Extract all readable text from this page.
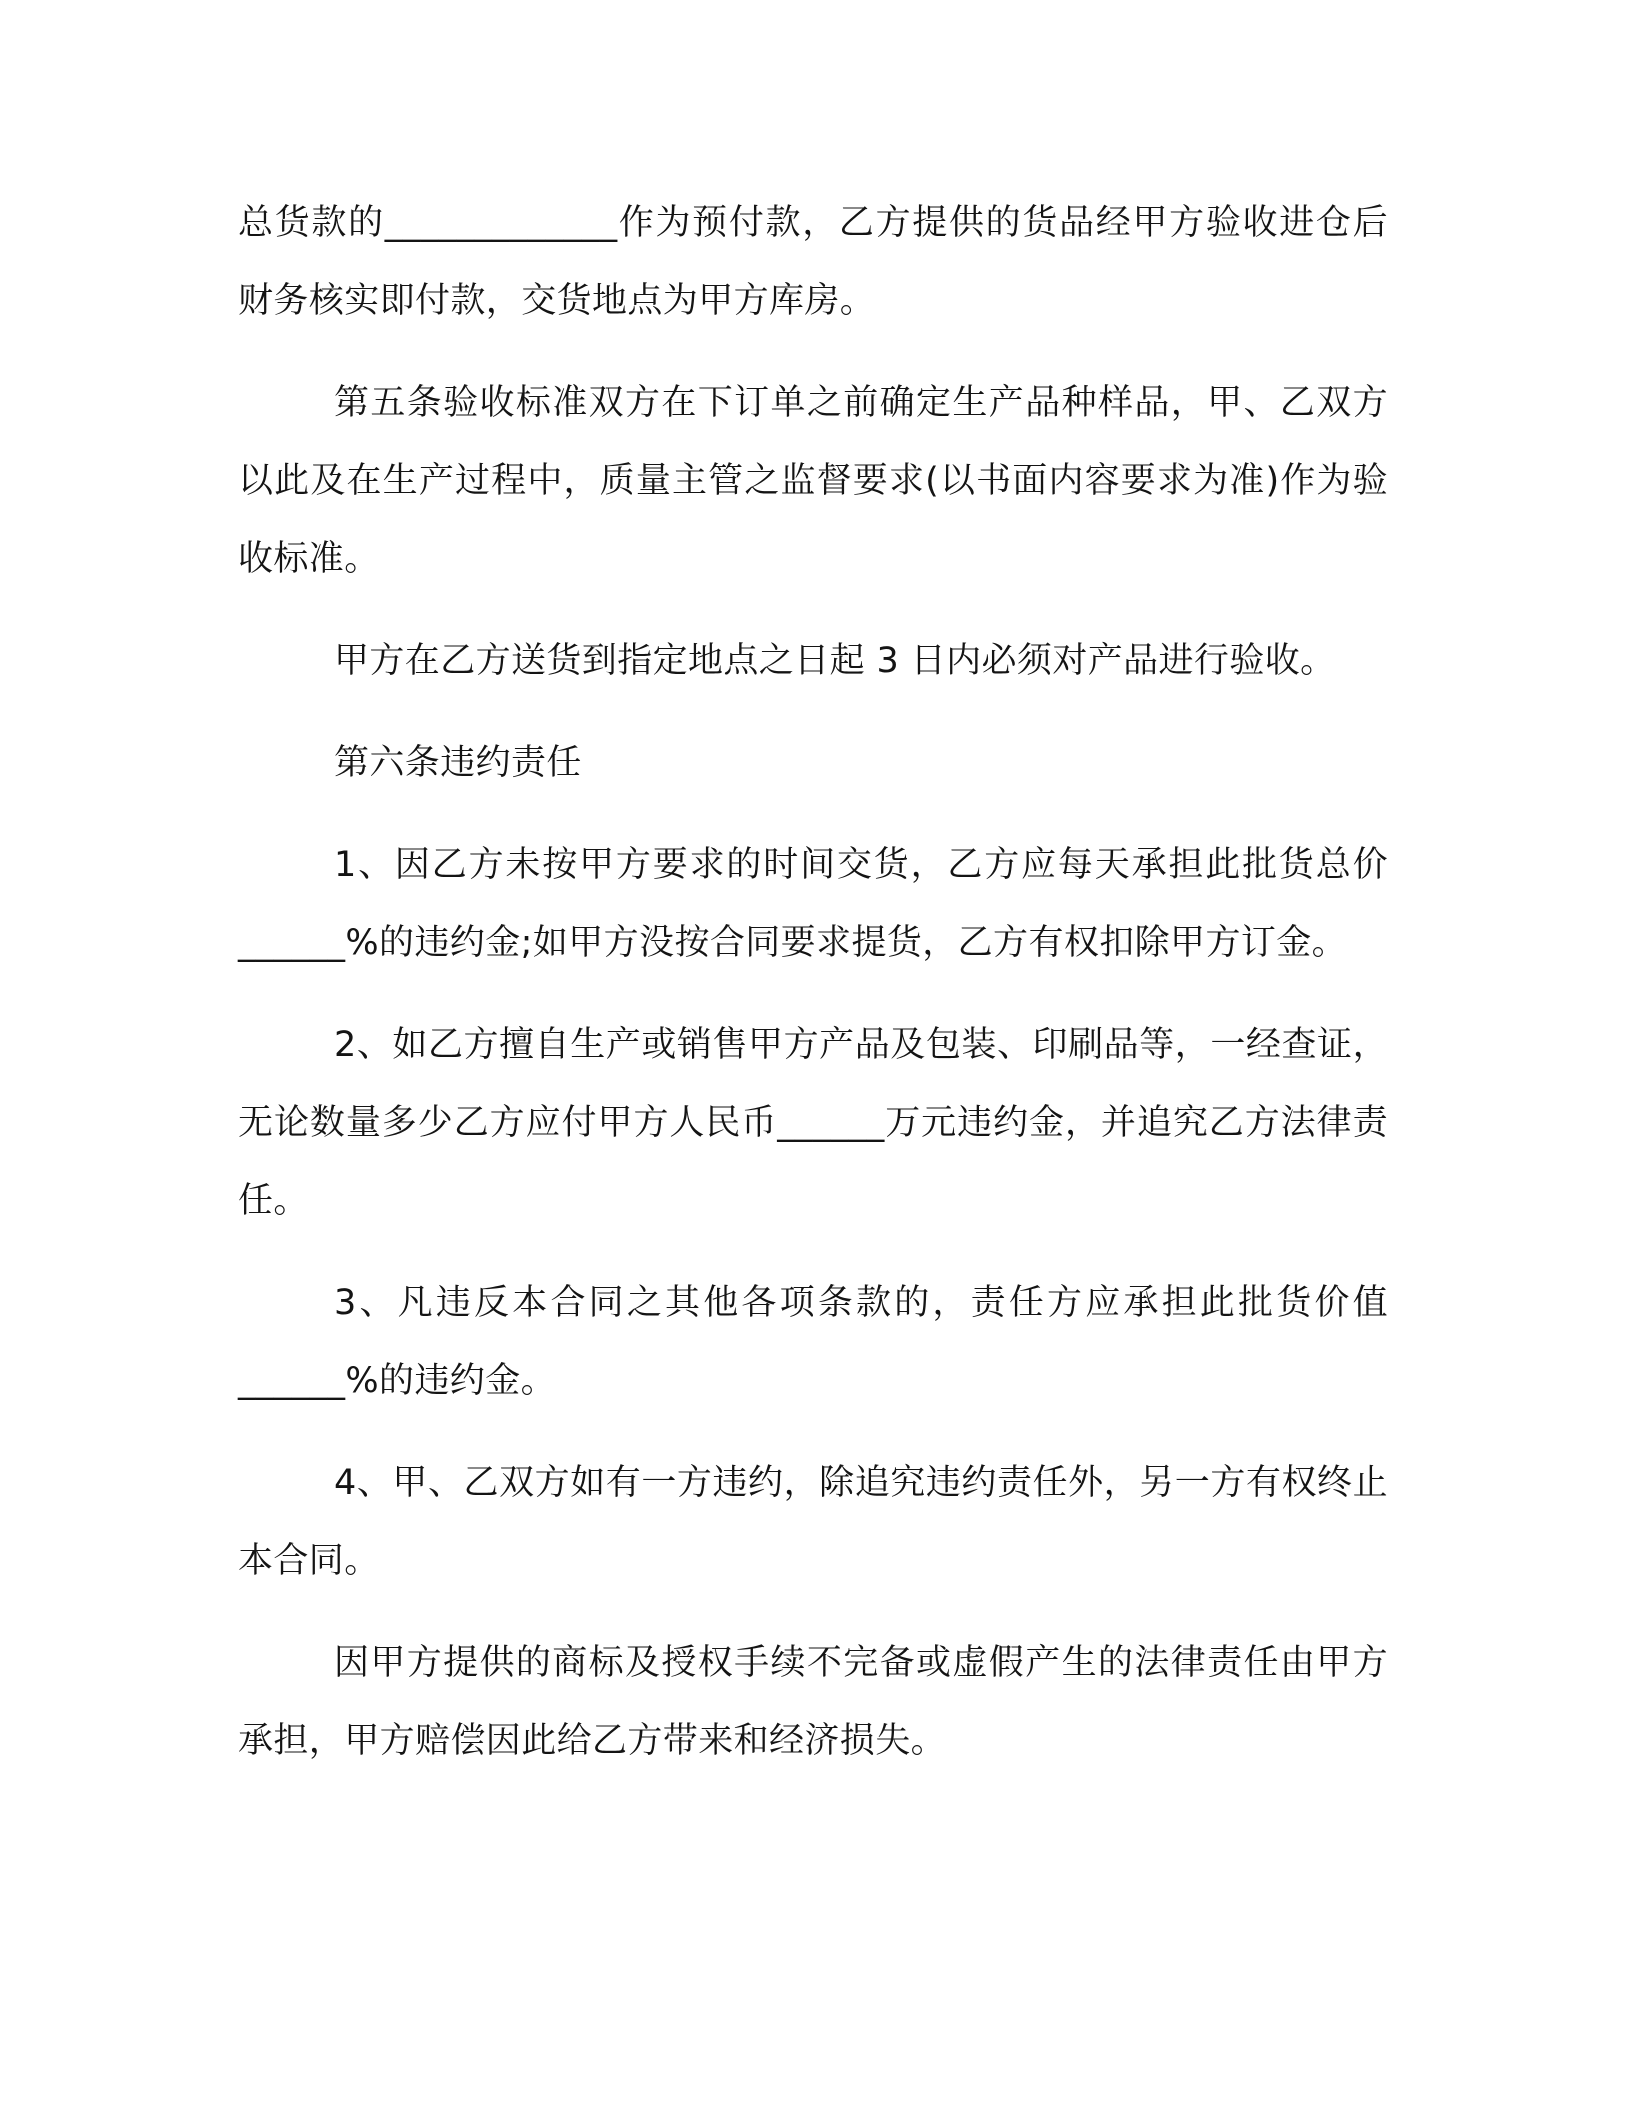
总货款的_____________作为预付款，乙方提供的货品经甲方验收进仓后财务核实即付款，交货地点为甲方库房。

第五条验收标准双方在下订单之前确定生产品种样品，甲、乙双方以此及在生产过程中，质量主管之监督要求(以书面内容要求为准)作为验收标准。

甲方在乙方送货到指定地点之日起 3 日内必须对产品进行验收。

第六条违约责任

1、因乙方未按甲方要求的时间交货，乙方应每天承担此批货总价______%的违约金;如甲方没按合同要求提货，乙方有权扣除甲方订金。

2、如乙方擅自生产或销售甲方产品及包装、印刷品等，一经查证，无论数量多少乙方应付甲方人民币______万元违约金，并追究乙方法律责任。

3、凡违反本合同之其他各项条款的，责任方应承担此批货价值______%的违约金。

4、甲、乙双方如有一方违约，除追究违约责任外，另一方有权终止本合同。

因甲方提供的商标及授权手续不完备或虚假产生的法律责任由甲方承担，甲方赔偿因此给乙方带来和经济损失。
